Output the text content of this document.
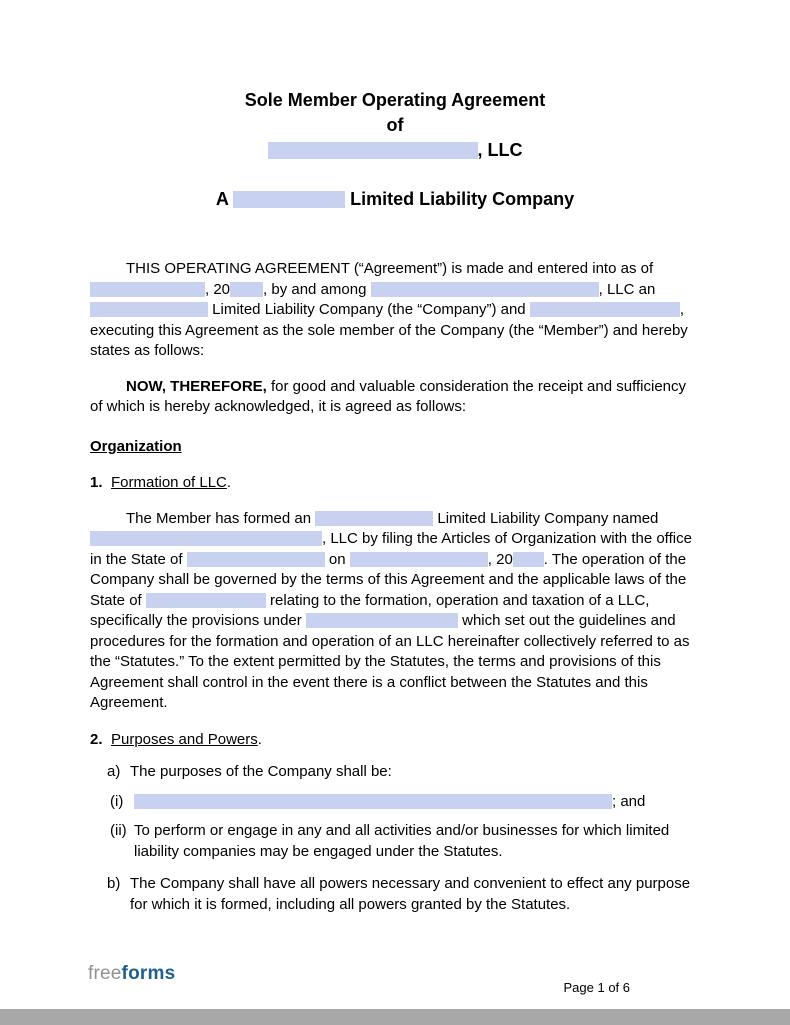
Sole Member Operating Agreement
of
, LLC
A	Limited Liability Company
THIS OPERATING AGREEMENT (“Agreement”) is made and entered into as of , 20 , by and among	, LLC an  Limited Liability Company (the “Company”) and	, executing this Agreement as the sole member of the Company (the “Member”) and hereby states as follows:
NOW, THEREFORE, for good and valuable consideration the receipt and sufficiency of which is hereby acknowledged, it is agreed as follows:
Organization
1. Formation of LLC.
The Member has formed an	Limited Liability Company named , LLC by filing the Articles of Organization with the office in the State of	on	, 20 . The operation of the Company shall be governed by the terms of this Agreement and the applicable laws of the State of	relating to the formation, operation and taxation of a LLC, specifically the provisions under	which set out the guidelines and procedures for the formation and operation of an LLC hereinafter collectively referred to as the “Statutes.” To the extent permitted by the Statutes, the terms and provisions of this Agreement shall control in the event there is a conflict between the Statutes and this Agreement.
2. Purposes and Powers.
a) The purposes of the Company shall be:
(i)	; and
(ii) To perform or engage in any and all activities and/or businesses for which limited liability companies may be engaged under the Statutes.
b) The Company shall have all powers necessary and convenient to effect any purpose for which it is formed, including all powers granted by the Statutes.
freeforms
Page 1 of 6
